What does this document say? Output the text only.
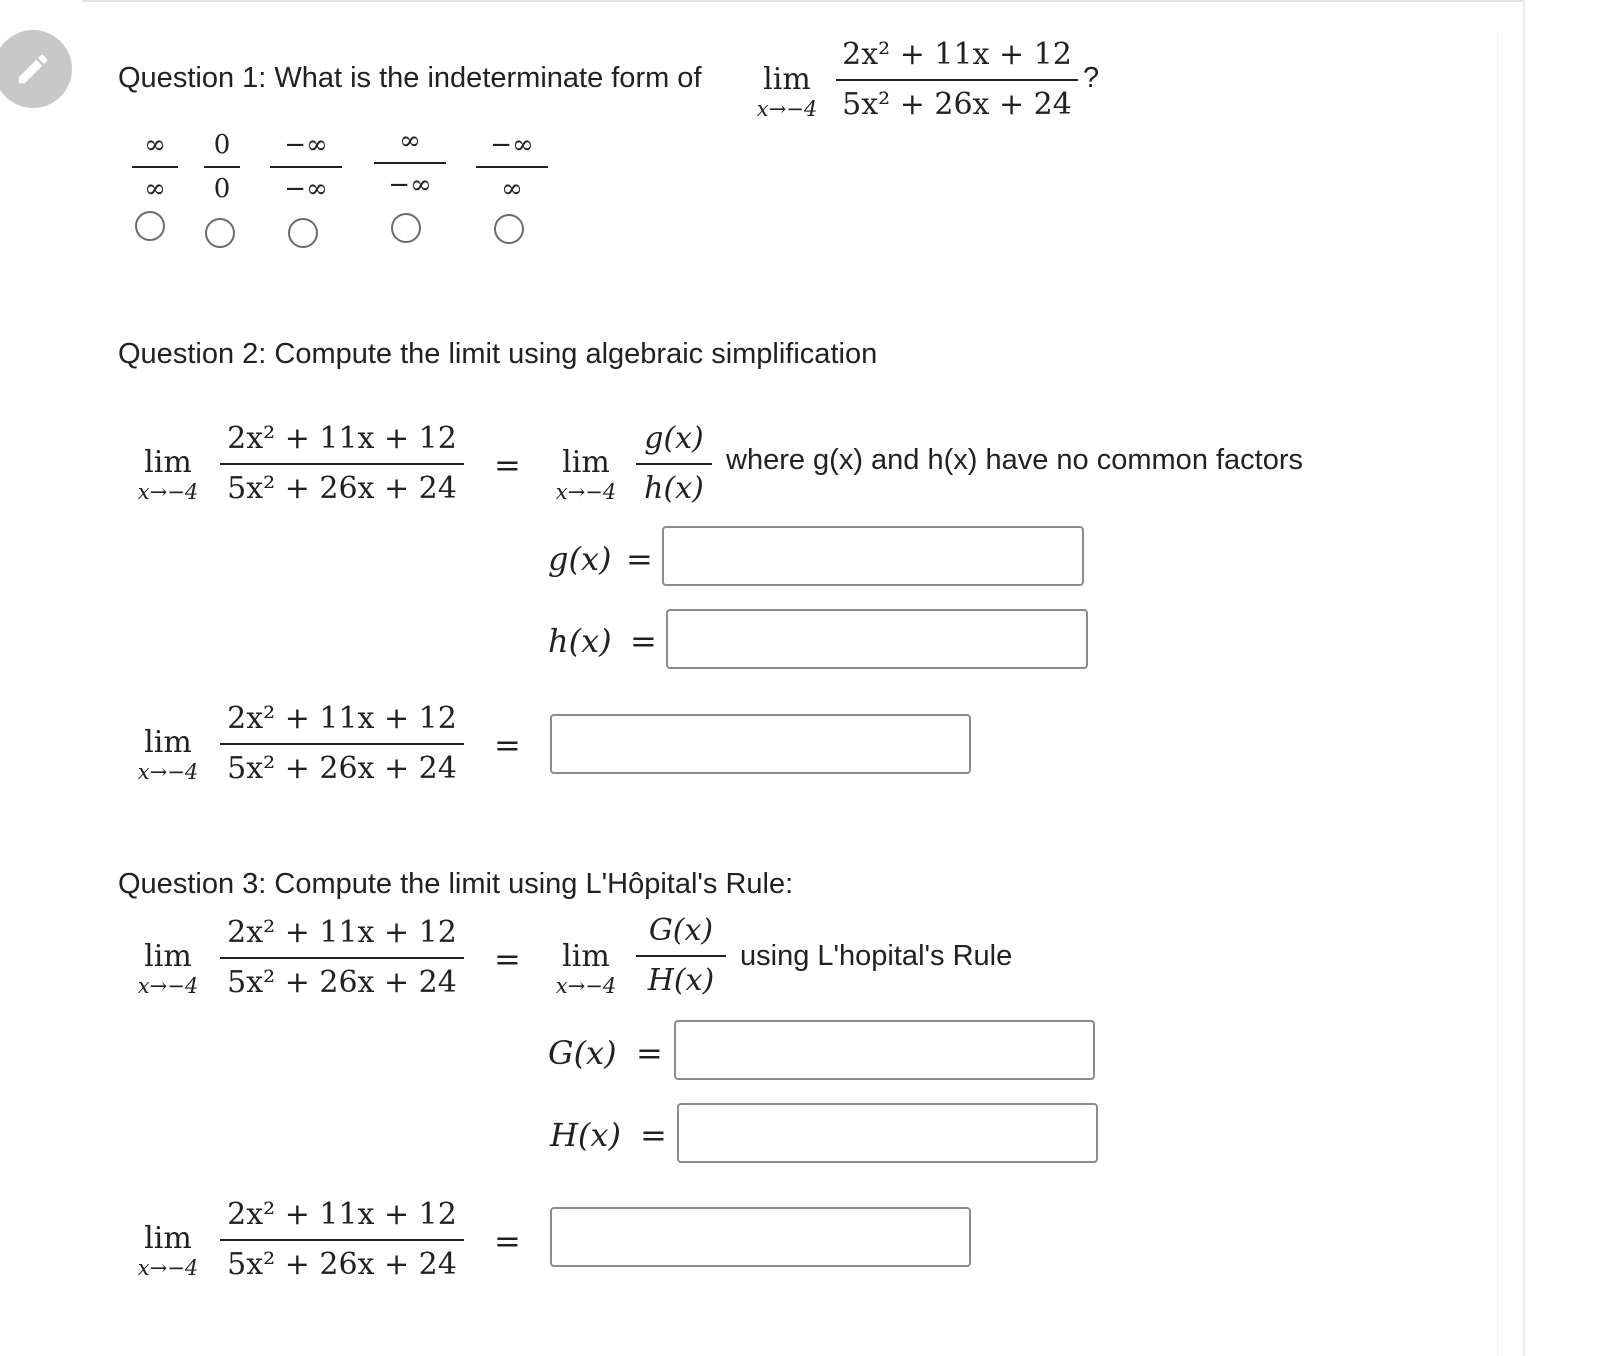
Question 1: What is the indeterminate form of	lim
x→−4
2x² + 11x + 12
5x² + 26x + 24
?
∞
∞
0
0
−∞
−∞
∞
−∞
−∞
∞
Question 2: Compute the limit using algebraic simplification
lim
x→−4
2x² + 11x + 12
5x² + 26x + 24
=	lim
x→−4
g(x)
h(x)
where g(x) and h(x) have no common factors
g(x) =
h(x) =
lim
x→−4
2x² + 11x + 12
5x² + 26x + 24
=
Question 3: Compute the limit using L'Hôpital's Rule:
lim
x→−4
2x² + 11x + 12
5x² + 26x + 24
=	lim
x→−4
G(x)
H(x)
using L'hopital's Rule
G(x) =
H(x) =
lim
x→−4
2x² + 11x + 12
5x² + 26x + 24
=
